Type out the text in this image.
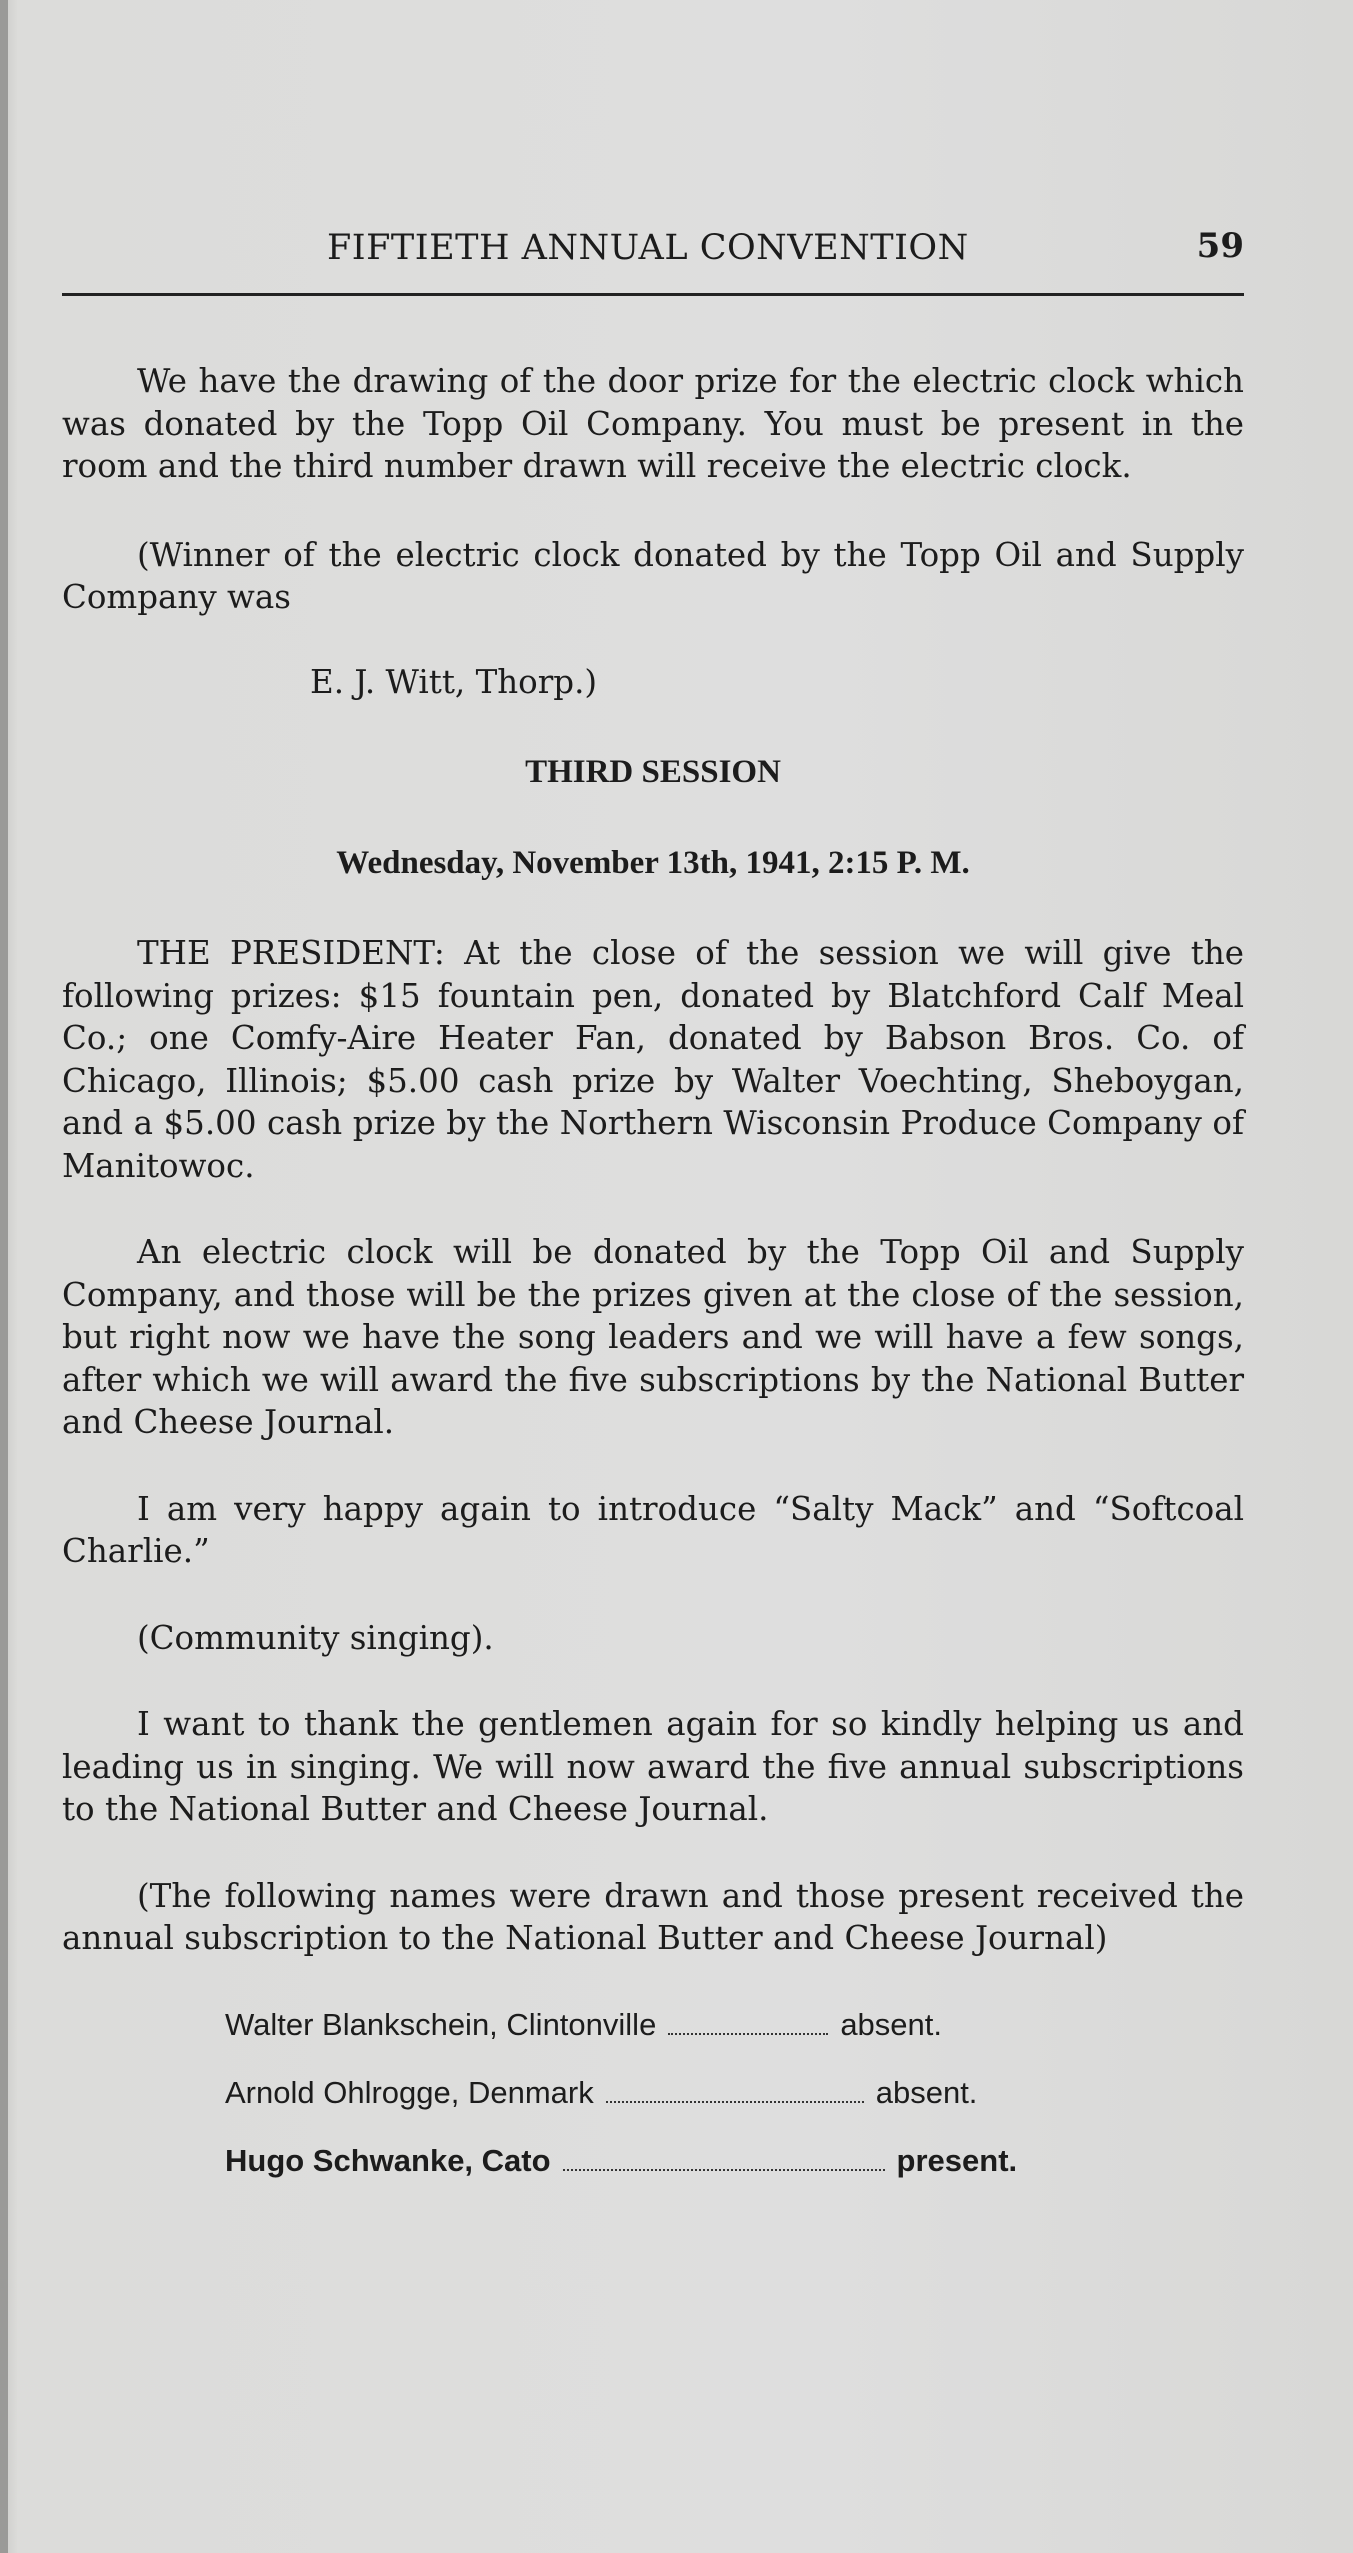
FIFTIETH ANNUAL CONVENTION	59

We have the drawing of the door prize for the electric clock which was donated by the Topp Oil Company. You must be present in the room and the third number drawn will receive the electric clock.

(Winner of the electric clock donated by the Topp Oil and Supply Company was

E. J. Witt, Thorp.)

THIRD SESSION

Wednesday, November 13th, 1941, 2:15 P. M.

THE PRESIDENT: At the close of the session we will give the following prizes: $15 fountain pen, donated by Blatchford Calf Meal Co.; one Comfy-Aire Heater Fan, donated by Babson Bros. Co. of Chicago, Illinois; $5.00 cash prize by Walter Voechting, Sheboygan, and a $5.00 cash prize by the Northern Wisconsin Produce Company of Manitowoc.

An electric clock will be donated by the Topp Oil and Supply Company, and those will be the prizes given at the close of the session, but right now we have the song leaders and we will have a few songs, after which we will award the five subscriptions by the National Butter and Cheese Journal.

I am very happy again to introduce “Salty Mack” and “Softcoal Charlie.”

(Community singing).

I want to thank the gentlemen again for so kindly helping us and leading us in singing. We will now award the five annual subscriptions to the National Butter and Cheese Journal.

(The following names were drawn and those present received the annual subscription to the National Butter and Cheese Journal)

Walter Blankschein, Clintonville	absent.
Arnold Ohlrogge, Denmark	absent.
Hugo Schwanke, Cato	present.
